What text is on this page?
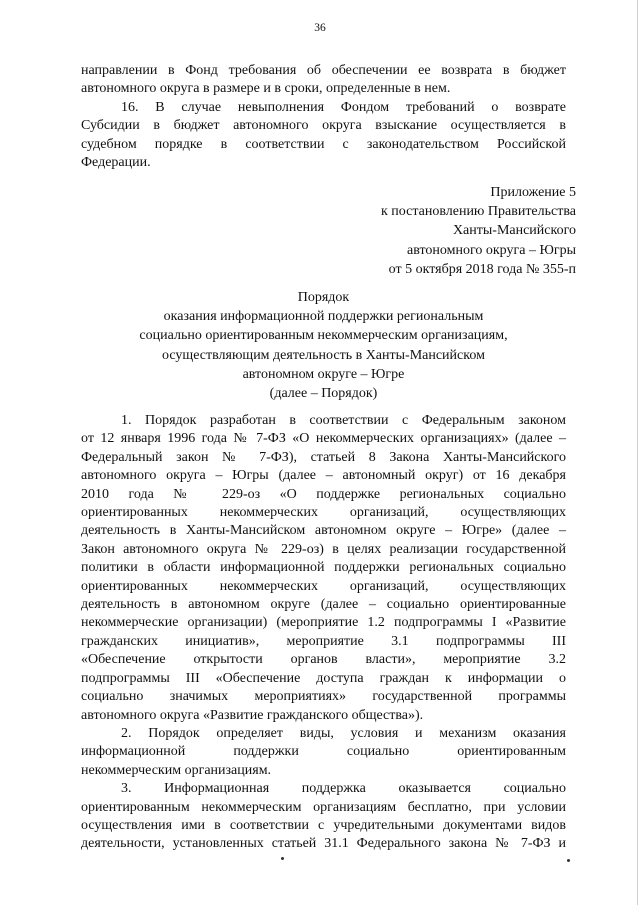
36
направлении в Фонд требования об обеспечении ее возврата в бюджет
автономного округа в размере и в сроки, определенные в нем.
16. В случае невыполнения Фондом требований о возврате
Субсидии в бюджет автономного округа взыскание осуществляется в
судебном порядке в соответствии с законодательством Российской
Федерации.
Приложение 5
к постановлению Правительства
Ханты-Мансийского
автономного округа – Югры
от 5 октября 2018 года № 355-п
Порядок
оказания информационной поддержки региональным
социально ориентированным некоммерческим организациям,
осуществляющим деятельность в Ханты-Мансийском
автономном округе – Югре
(далее – Порядок)
1. Порядок разработан в соответствии с Федеральным законом
от 12 января 1996 года № 7-ФЗ «О некоммерческих организациях» (далее –
Федеральный закон № 7-ФЗ), статьей 8 Закона Ханты-Мансийского
автономного округа – Югры (далее – автономный округ) от 16 декабря
2010 года № 229-оз «О поддержке региональных социально
ориентированных некоммерческих организаций, осуществляющих
деятельность в Ханты-Мансийском автономном округе – Югре» (далее –
Закон автономного округа № 229-оз) в целях реализации государственной
политики в области информационной поддержки региональных социально
ориентированных некоммерческих организаций, осуществляющих
деятельность в автономном округе (далее – социально ориентированные
некоммерческие организации) (мероприятие 1.2 подпрограммы I «Развитие
гражданских инициатив», мероприятие 3.1 подпрограммы III
«Обеспечение открытости органов власти», мероприятие 3.2
подпрограммы III «Обеспечение доступа граждан к информации о
социально значимых мероприятиях» государственной программы
автономного округа «Развитие гражданского общества»).
2. Порядок определяет виды, условия и механизм оказания
информационной поддержки социально ориентированным
некоммерческим организациям.
3. Информационная поддержка оказывается социально
ориентированным некоммерческим организациям бесплатно, при условии
осуществления ими в соответствии с учредительными документами видов
деятельности, установленных статьей 31.1 Федерального закона № 7-ФЗ и
